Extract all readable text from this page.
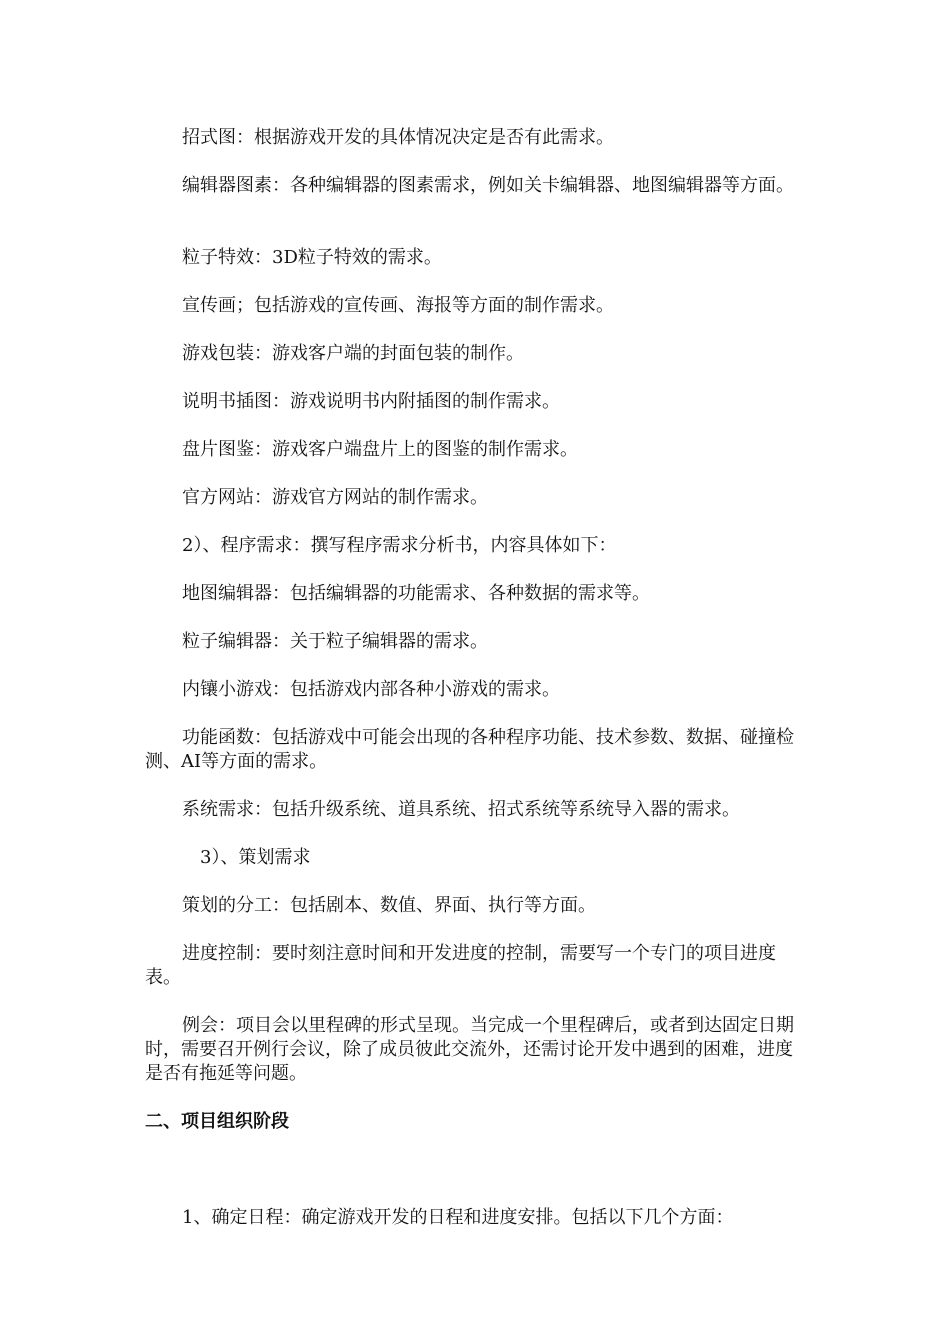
招式图：根据游戏开发的具体情况决定是否有此需求。

编辑器图素：各种编辑器的图素需求，例如关卡编辑器、地图编辑器等方面。

粒子特效：3D粒子特效的需求。

宣传画；包括游戏的宣传画、海报等方面的制作需求。

游戏包装：游戏客户端的封面包装的制作。

说明书插图：游戏说明书内附插图的制作需求。

盘片图鉴：游戏客户端盘片上的图鉴的制作需求。

官方网站：游戏官方网站的制作需求。

2）、程序需求：撰写程序需求分析书，内容具体如下：

地图编辑器：包括编辑器的功能需求、各种数据的需求等。

粒子编辑器：关于粒子编辑器的需求。

内镶小游戏：包括游戏内部各种小游戏的需求。

功能函数：包括游戏中可能会出现的各种程序功能、技术参数、数据、碰撞检测、AI等方面的需求。

系统需求：包括升级系统、道具系统、招式系统等系统导入器的需求。

3）、策划需求

策划的分工：包括剧本、数值、界面、执行等方面。

进度控制：要时刻注意时间和开发进度的控制，需要写一个专门的项目进度表。

例会：项目会以里程碑的形式呈现。当完成一个里程碑后，或者到达固定日期时，需要召开例行会议，除了成员彼此交流外，还需讨论开发中遇到的困难，进度是否有拖延等问题。

二、项目组织阶段

1、确定日程：确定游戏开发的日程和进度安排。包括以下几个方面：
